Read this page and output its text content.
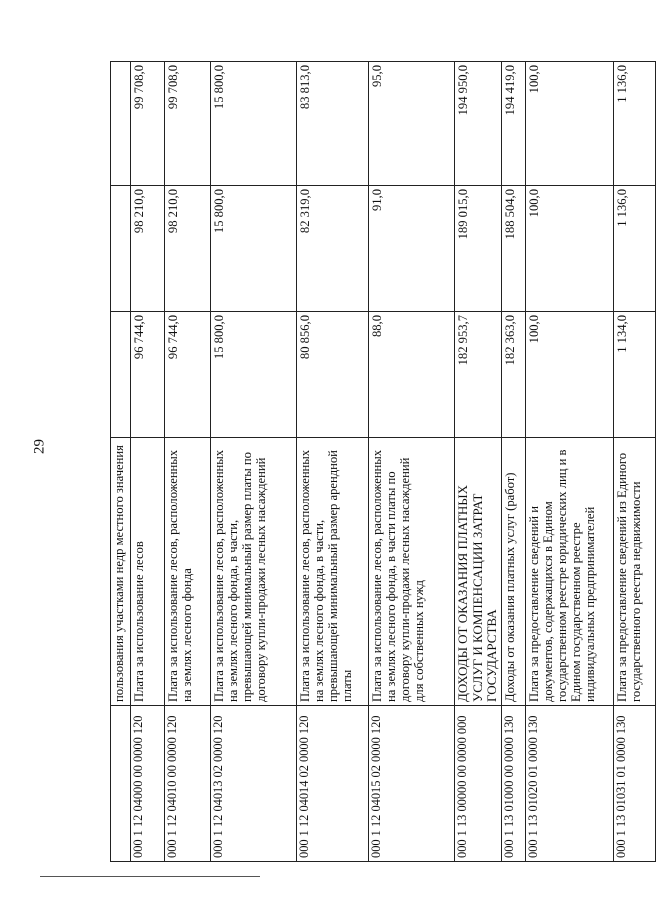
29
		пользования участками недр местного значения			
000 1 12 04000 00 0000 120	Плата за использование лесов	96 744,0	98 210,0	99 708,0
000 1 12 04010 00 0000 120	Плата за использование лесов, расположенных на землях лесного фонда	96 744,0	98 210,0	99 708,0
000 1 12 04013 02 0000 120	Плата за использование лесов, расположенных на землях лесного фонда, в части, превышающей минимальный размер платы по договору купли-продажи лесных насаждений	15 800,0	15 800,0	15 800,0
000 1 12 04014 02 0000 120	Плата за использование лесов, расположенных на землях лесного фонда, в части, превышающей минимальный размер арендной платы	80 856,0	82 319,0	83 813,0
000 1 12 04015 02 0000 120	Плата за использование лесов, расположенных на землях лесного фонда, в части платы по договору купли-продажи лесных насаждений для собственных нужд	88,0	91,0	95,0
000 1 13 00000 00 0000 000	ДОХОДЫ ОТ ОКАЗАНИЯ ПЛАТНЫХ УСЛУГ И КОМПЕНСАЦИИ ЗАТРАТ ГОСУДАРСТВА	182 953,7	189 015,0	194 950,0
000 1 13 01000 00 0000 130	Доходы от оказания платных услуг (работ)	182 363,0	188 504,0	194 419,0
000 1 13 01020 01 0000 130	Плата за предоставление сведений и документов, содержащихся в Едином государственном реестре юридических лиц и в Едином государственном реестре индивидуальных предпринимателей	100,0	100,0	100,0
000 1 13 01031 01 0000 130	Плата за предоставление сведений из Единого государственного реестра недвижимости	1 134,0	1 136,0	1 136,0
